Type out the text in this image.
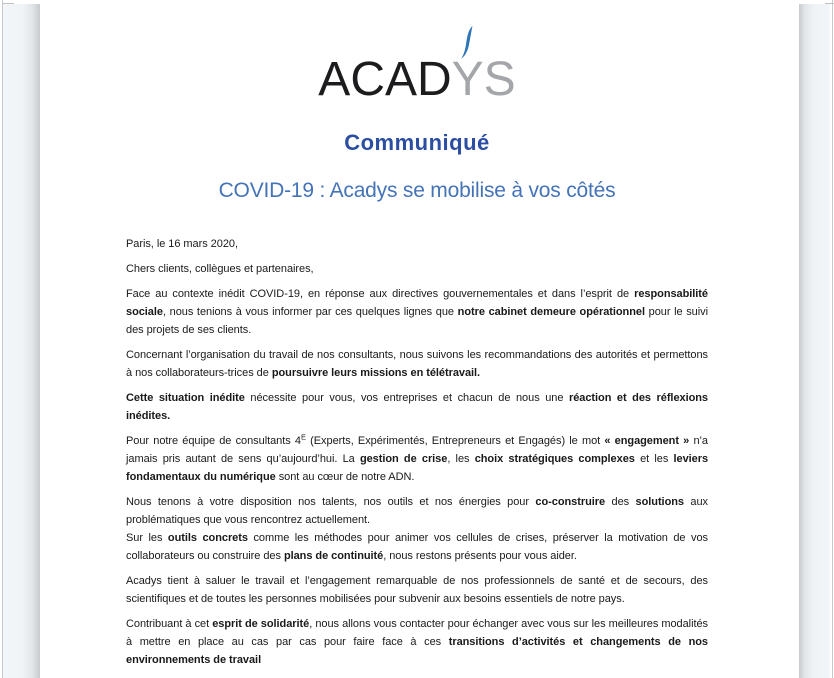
ACAD
YS
Communiqué
COVID-19 : Acadys se mobilise à vos côtés

Paris, le 16 mars 2020,

Chers clients, collègues et partenaires,

Face au contexte inédit COVID-19, en réponse aux directives gouvernementales et dans l’esprit de responsabilité sociale, nous tenions à vous informer par ces quelques lignes que notre cabinet demeure opérationnel pour le suivi des projets de ses clients.

Concernant l’organisation du travail de nos consultants, nous suivons les recommandations des autorités et permettons à nos collaborateurs-trices de poursuivre leurs missions en télétravail.

Cette situation inédite nécessite pour vous, vos entreprises et chacun de nous une réaction et des réflexions inédites.

Pour notre équipe de consultants $4^E$ (Experts, Expérimentés, Entrepreneurs et Engagés) le mot « engagement » n’a jamais pris autant de sens qu’aujourd’hui. La gestion de crise, les choix stratégiques complexes et les leviers fondamentaux du numérique sont au cœur de notre ADN.

Nous tenons à votre disposition nos talents, nos outils et nos énergies pour co-construire des solutions aux problématiques que vous rencontrez actuellement.
Sur les outils concrets comme les méthodes pour animer vos cellules de crises, préserver la motivation de vos collaborateurs ou construire des plans de continuité, nous restons présents pour vous aider.

Acadys tient à saluer le travail et l’engagement remarquable de nos professionnels de santé et de secours, des scientifiques et de toutes les personnes mobilisées pour subvenir aux besoins essentiels de notre pays.

Contribuant à cet esprit de solidarité, nous allons vous contacter pour échanger avec vous sur les meilleures modalités à mettre en place au cas par cas pour faire face à ces transitions d’activités et changements de nos environnements de travail
